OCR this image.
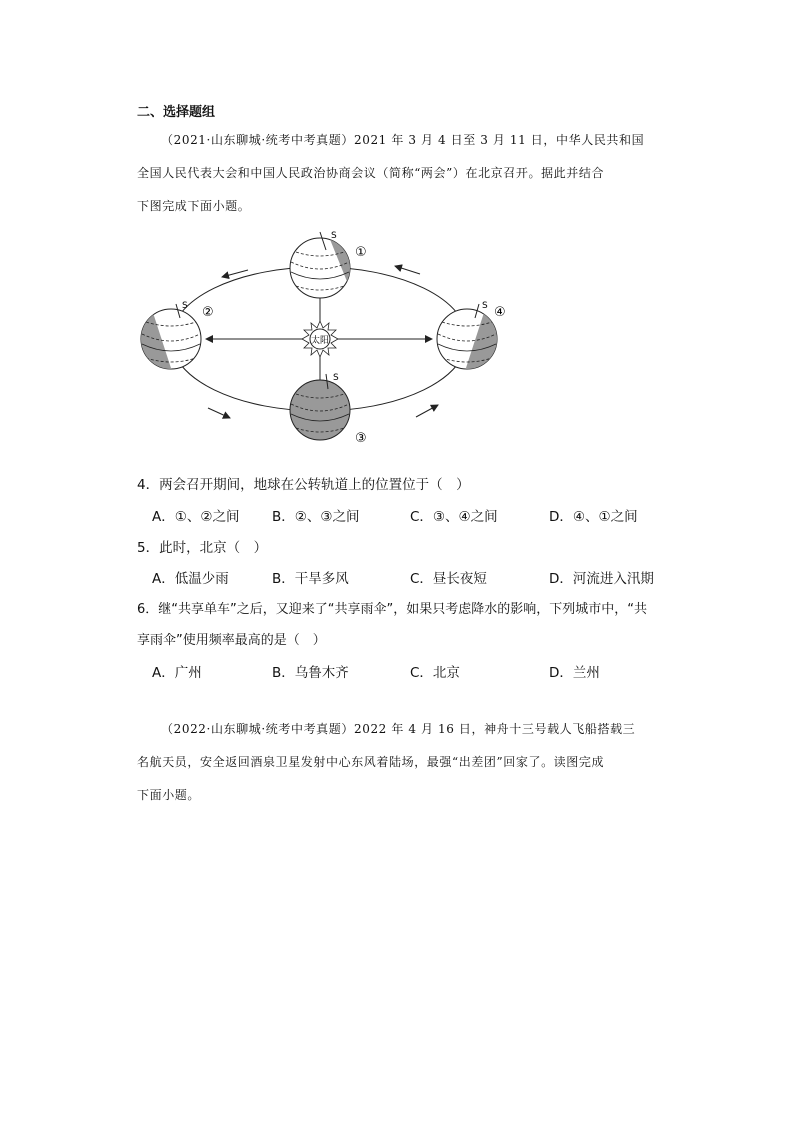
二、选择题组
（2021·山东聊城·统考中考真题）2021 年 3 月 4 日至 3 月 11 日，中华人民共和国
全国人民代表大会和中国人民政治协商会议（简称“两会”）在北京召开。据此并结合
下图完成下面小题。
太阳
S
①
S ②
S
③
S ④
4．两会召开期间，地球在公转轨道上的位置位于（　）
A．①、②之间 B．②、③之间	C．③、④之间	D．④、①之间
5．此时，北京（　）
A．低温少雨	B．干旱多风	C．昼长夜短	D．河流进入汛期
6．继“共享单车”之后，又迎来了“共享雨伞”，如果只考虑降水的影响，下列城市中，“共
享雨伞”使用频率最高的是（　）
A．广州	B．乌鲁木齐	C．北京	D．兰州
（2022·山东聊城·统考中考真题）2022 年 4 月 16 日，神舟十三号载人飞船搭载三
名航天员，安全返回酒泉卫星发射中心东风着陆场，最强“出差团”回家了。读图完成
下面小题。
